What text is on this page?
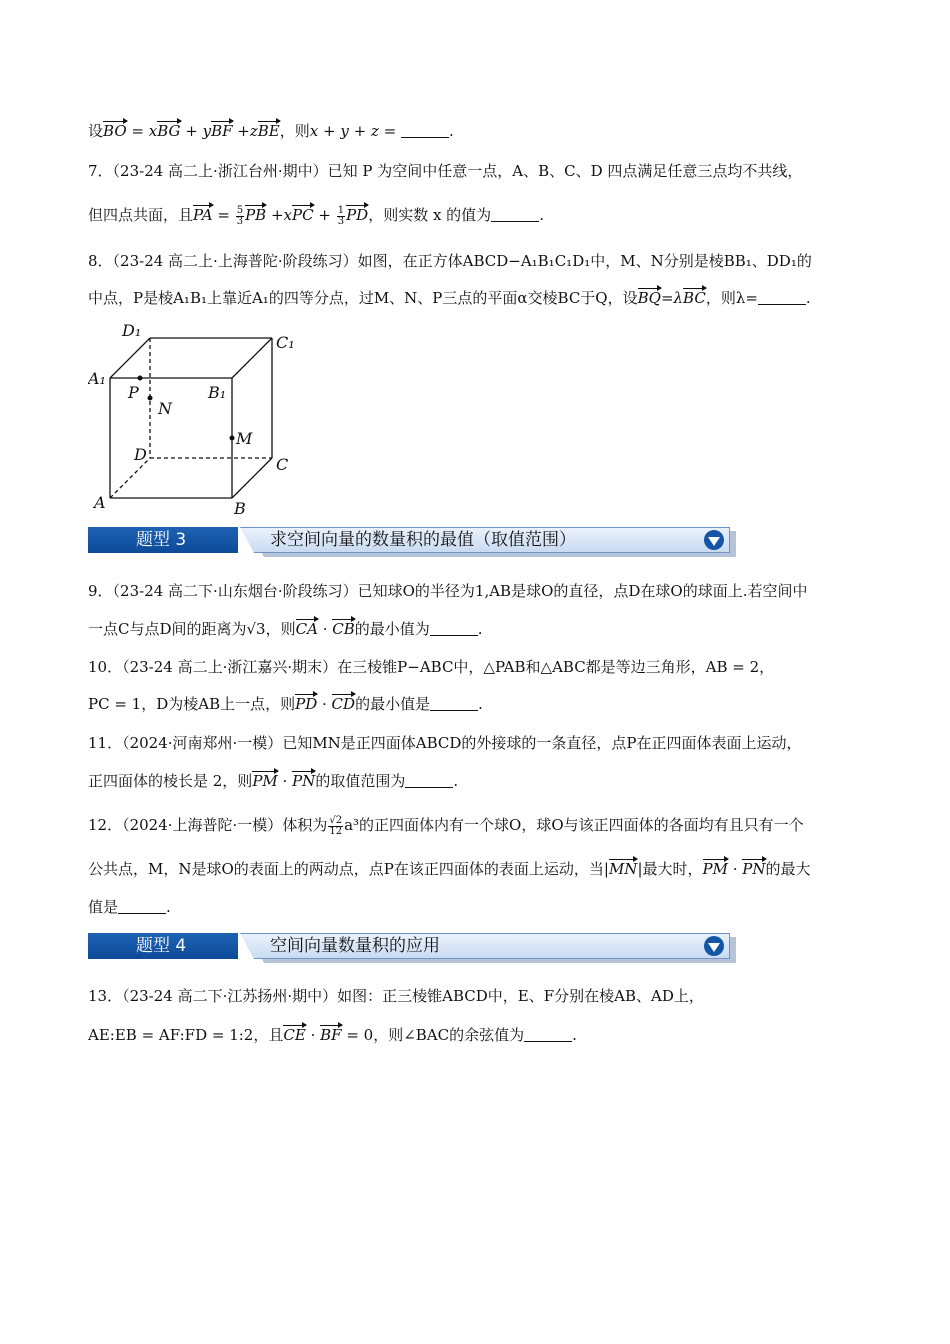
设BO = xBG + yBF +zBE，则x + y + z =	.
7．（23-24 高二上·浙江台州·期中）已知 P 为空间中任意一点，A、B、C、D 四点满足任意三点均不共线，
但四点共面，且PA = $\frac{5}{3}$ PB $+xPC + \frac{1}{3}$ PD，则实数 x 的值为	.
8．（23-24 高二上·上海普陀·阶段练习）如图，在正方体ABCD−A₁B₁C₁D₁中，M、N分别是棱BB₁、DD₁的
中点，P是棱A₁B₁上靠近A₁的四等分点，过M、N、P三点的平面α交棱BC于Q，设BQ=λBC，则λ=	.
D₁
C₁
A₁
B₁
P
N
M
D
C
A	B
题型 3	求空间向量的数量积的最值（取值范围）
9．（23-24 高二下·山东烟台·阶段练习）已知球O的半径为1,AB是球O的直径，点D在球O的球面上.若空间中
一点C与点D间的距离为√3，则CA · CB的最小值为	.
10．（23-24 高二上·浙江嘉兴·期末）在三棱锥P−ABC中，△PAB和△ABC都是等边三角形，AB = 2，
PC = 1，D为棱AB上一点，则PD · CD的最小值是	.
11．（2024·河南郑州·一模）已知MN是正四面体ABCD的外接球的一条直径，点P在正四面体表面上运动，
正四面体的棱长是 2，则PM · PN的取值范围为	.
12．（2024·上海普陀·一模）体积为 $\frac{√2}{12} a^3$的正四面体内有一个球O，球O与该正四面体的各面均有且只有一个
公共点，M，N是球O的表面上的两动点，点P在该正四面体的表面上运动，当|MN|最大时，PM · PN的最大
值是	.
题型 4	空间向量数量积的应用
13．（23-24 高二下·江苏扬州·期中）如图：正三棱锥ABCD中，E、F分别在棱AB、AD上，
AE:EB = AF:FD = 1:2，且CE · BF = 0，则∠BAC的余弦值为	.
